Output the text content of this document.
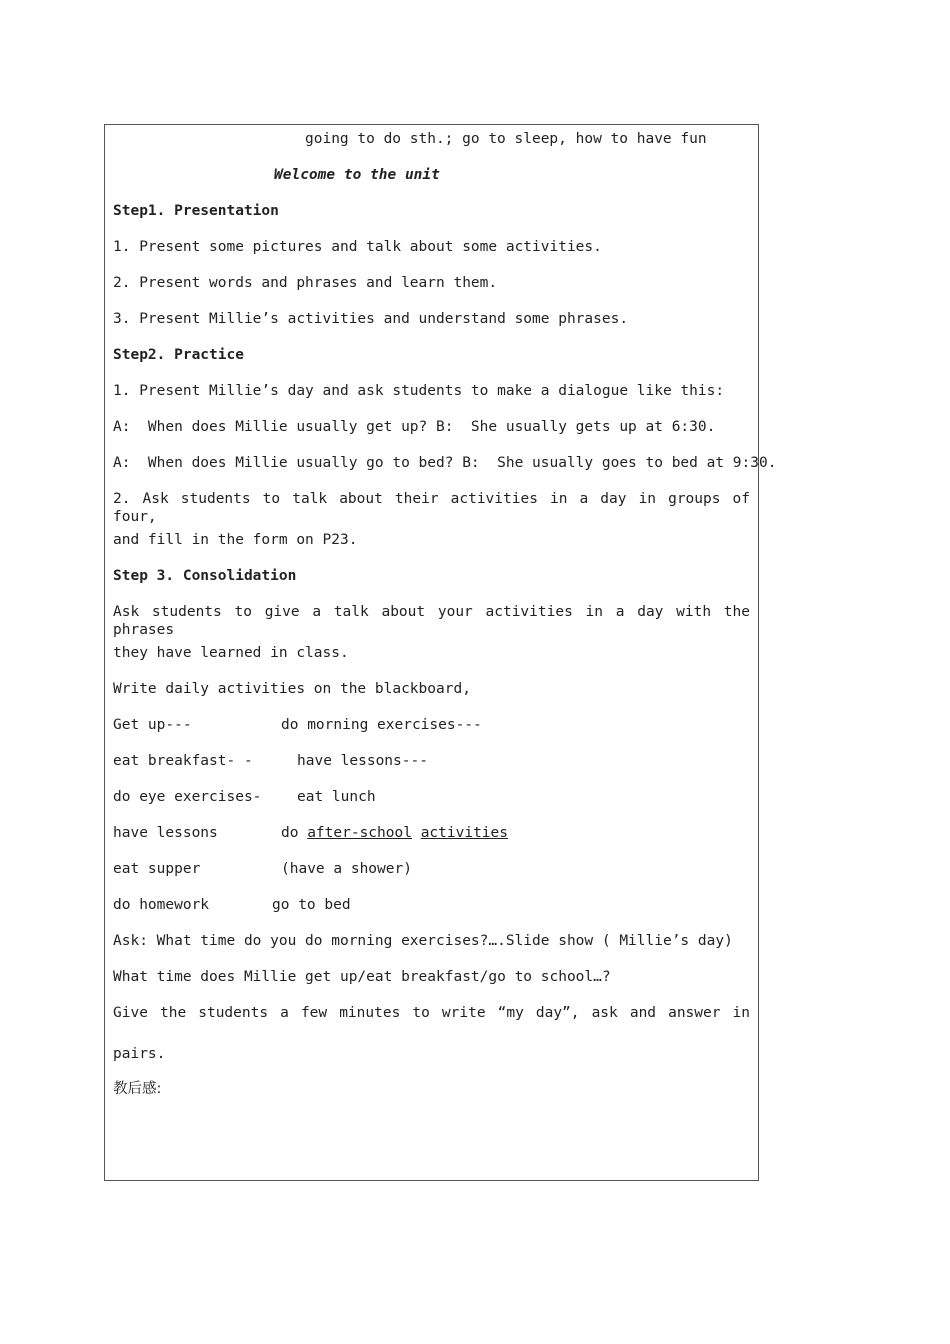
going to do sth.; go to sleep, how to have fun
Welcome to the unit
Step1. Presentation
1. Present some pictures and talk about some activities.
2. Present words and phrases and learn them.
3. Present Millie’s activities and understand some phrases.
Step2. Practice
1. Present Millie’s day and ask students to make a dialogue like this:
A:  When does Millie usually get up? B:  She usually gets up at 6:30.
A:  When does Millie usually go to bed? B:  She usually goes to bed at 9:30.
2. Ask students to talk about their activities in a day in groups of four,
and fill in the form on P23.
Step 3. Consolidation
Ask students to give a talk about your activities in a day with the phrases
they have learned in class.
Write daily activities on the blackboard,
Get up---	do morning exercises---
eat breakfast- -	have lessons---
do eye exercises- eat lunch
have lessons	do after-school activities
eat supper	(have a shower)
do homework	go to bed
Ask: What time do you do morning exercises?….Slide show ( Millie’s day)
What time does Millie get up/eat breakfast/go to school…?
Give the students a few minutes to write “my day”, ask and answer in
pairs.
教后感:
